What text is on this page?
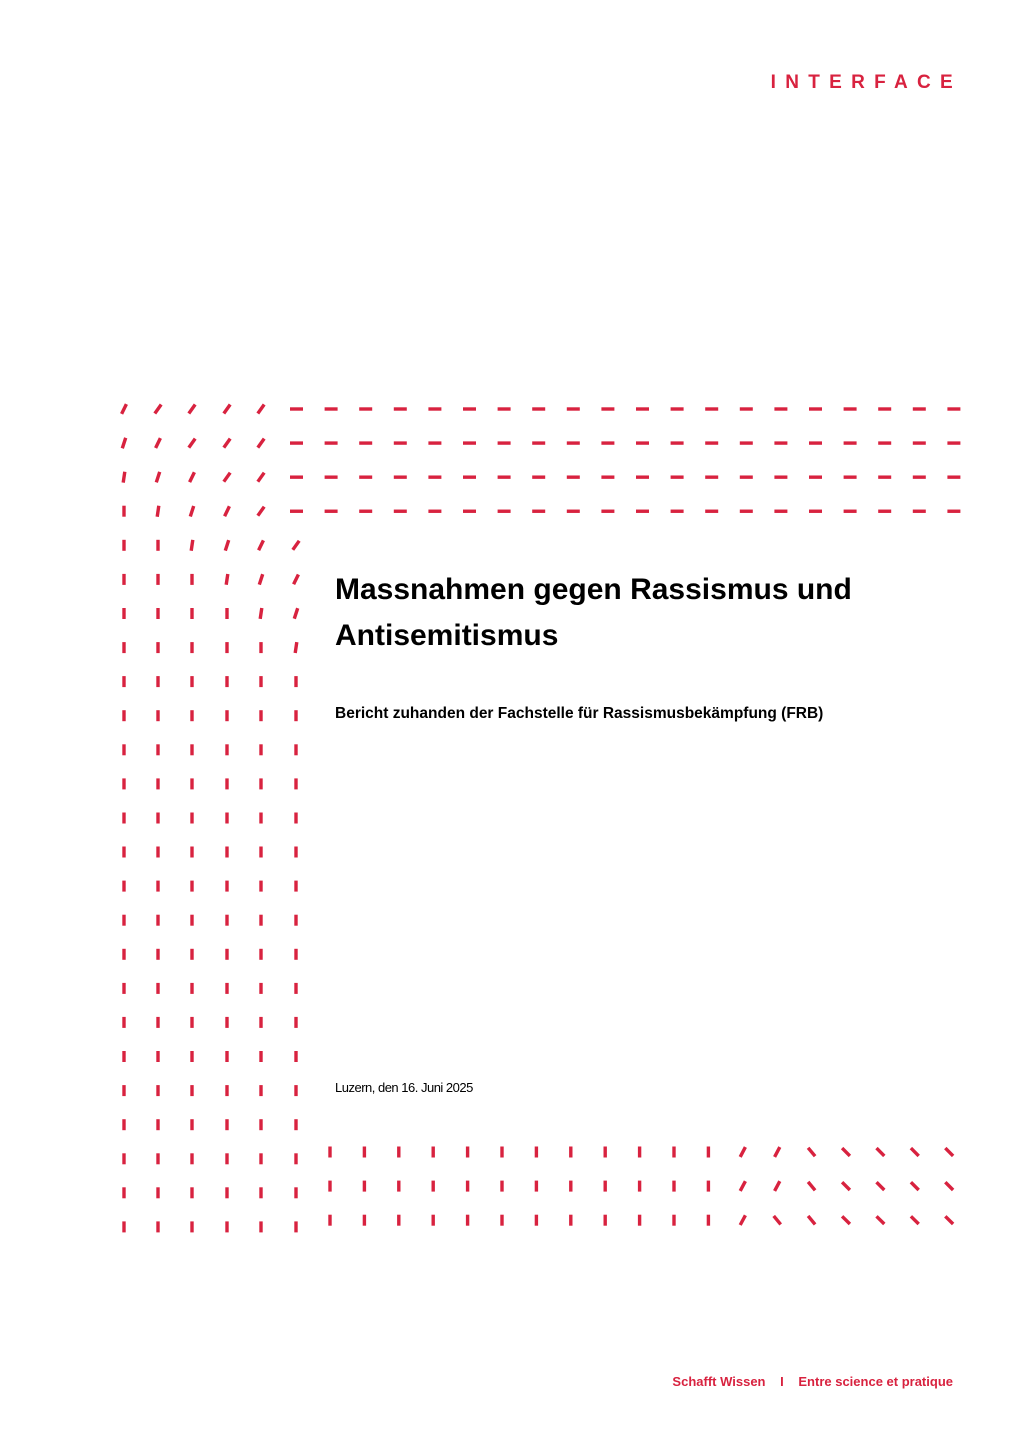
INTERFACE
Massnahmen gegen Rassismus und Antisemitismus
Bericht zuhanden der Fachstelle für Rassismusbekämpfung (FRB)
Luzern, den 16. Juni 2025
Schafft Wissen I Entre science et pratique
